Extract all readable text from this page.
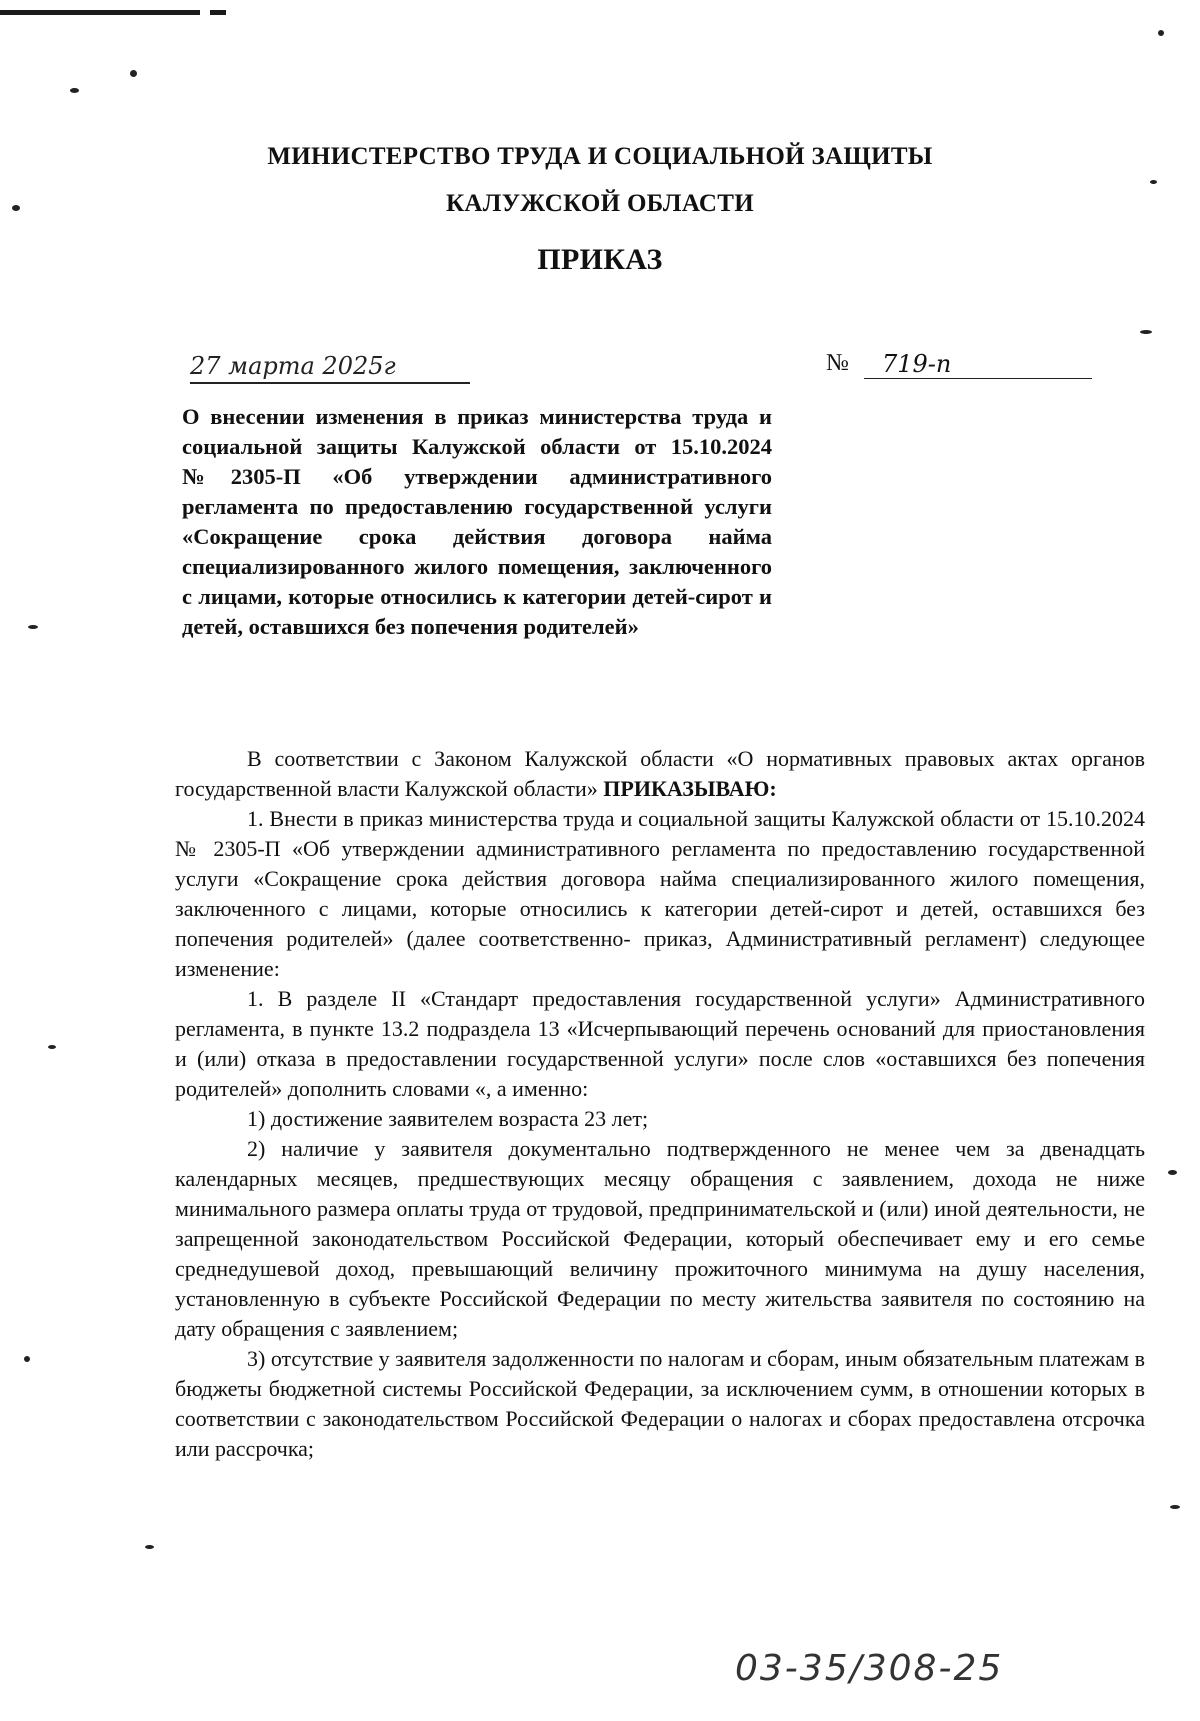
МИНИСТЕРСТВО ТРУДА И СОЦИАЛЬНОЙ ЗАЩИТЫ
КАЛУЖСКОЙ ОБЛАСТИ
ПРИКАЗ
27 марта 2025г	№	719-п
О внесении изменения в приказ министерства труда и социальной защиты Калужской области от 15.10.2024 №2305-П «Об утверждении административного регламента по предоставлению государственной услуги «Сокращение срока действия договора найма специализированного жилого помещения, заключенного с лицами, которые относились к категории детей-сирот и детей, оставшихся без попечения родителей»

В соответствии с Законом Калужской области «О нормативных правовых актах органов государственной власти Калужской области» ПРИКАЗЫВАЮ:

1. Внести в приказ министерства труда и социальной защиты Калужской области от 15.10.2024 № 2305-П «Об утверждении административного регламента по предоставлению государственной услуги «Сокращение срока действия договора найма специализированного жилого помещения, заключенного с лицами, которые относились к категории детей-сирот и детей, оставшихся без попечения родителей» (далее соответственно- приказ, Административный регламент) следующее изменение:

1. В разделе II «Стандарт предоставления государственной услуги» Административного регламента, в пункте 13.2 подраздела 13 «Исчерпывающий перечень оснований для приостановления и (или) отказа в предоставлении государственной услуги» после слов «оставшихся без попечения родителей» дополнить словами «, а именно:

1) достижение заявителем возраста 23 лет;

2) наличие у заявителя документально подтвержденного не менее чем за двенадцать календарных месяцев, предшествующих месяцу обращения с заявлением, дохода не ниже минимального размера оплаты труда от трудовой, предпринимательской и (или) иной деятельности, не запрещенной законодательством Российской Федерации, который обеспечивает ему и его семье среднедушевой доход, превышающий величину прожиточного минимума на душу населения, установленную в субъекте Российской Федерации по месту жительства заявителя по состоянию на дату обращения с заявлением;

3) отсутствие у заявителя задолженности по налогам и сборам, иным обязательным платежам в бюджеты бюджетной системы Российской Федерации, за исключением сумм, в отношении которых в соответствии с законодательством Российской Федерации о налогах и сборах предоставлена отсрочка или рассрочка;

03-35/308-25
